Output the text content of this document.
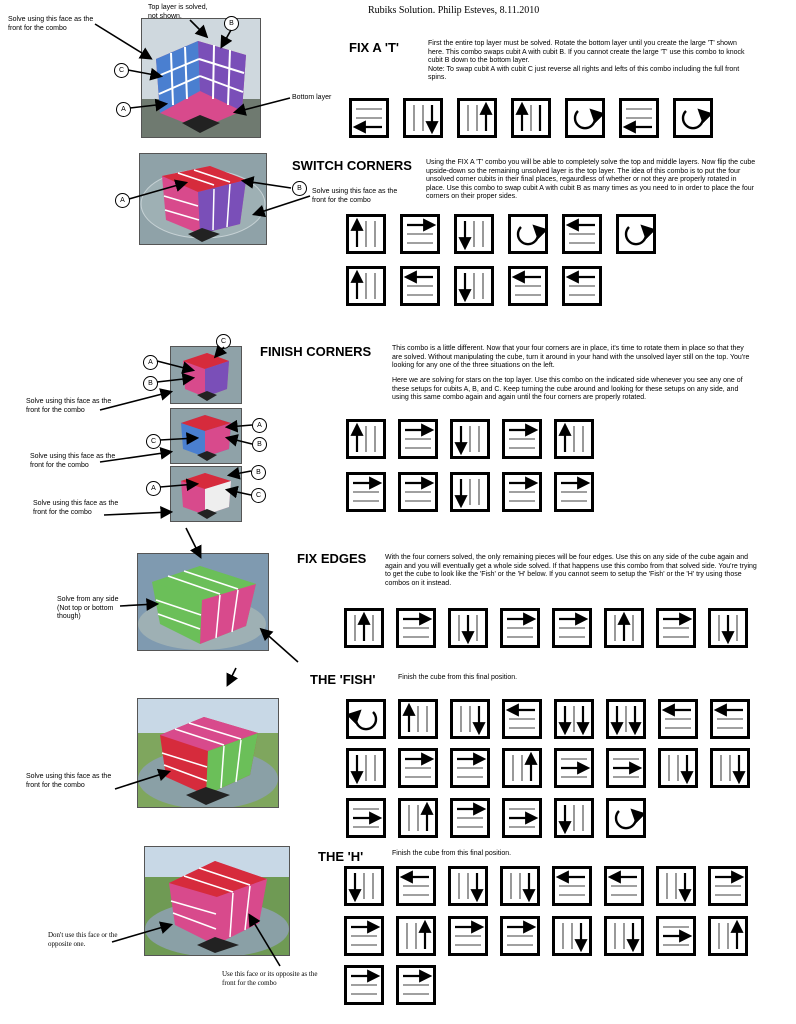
Rubiks Solution. Philip Esteves, 8.11.2010
Top layer is solved, not shown.
Solve using this face as the front for the combo
Bottom layer
B
C
A
FIX A 'T'	First the entire top layer must be solved. Rotate the bottom layer until you create the large 'T' shown here. This combo swaps cubit A with cubit B. If you cannot create the large 'T' use this combo to knock cubit B down to the bottom layer.
Note: To swap cubit A with cubit C just reverse all rights and lefts of this combo including the full front spins.
A
B	Solve using this face as the front for the combo
SWITCH CORNERS Using the FIX A 'T' combo you will be able to completely solve the top and middle layers. Now flip the cube upside-down so the remaining unsolved layer is the top layer. The idea of this combo is to put the four unsolved corner cubits in their final places, regaurdless of whether or not they are properly rotated in place. Use this combo to swap cubit A with cubit B as many times as you need to in order to place the four corners on their proper sides.
C
A
B
A
C	B
B
A
C
Solve using this face as the front for the combo
Solve using this face as the front for the combo
Solve using this face as the front for the combo
FINISH CORNERS	This combo is a little different. Now that your four corners are in place, it's time to rotate them in place so that they are solved. Without manipulating the cube, turn it around in your hand with the unsolved layer still on the top. You're looking for any one of the three situations on the left.
Here we are solving for stars on the top layer. Use this combo on the indicated side whenever you see any one of these setups for cubits A, B, and C. Keep turning the cube around and looking for these setups on any side, and using this same combo again and again until the four corners are properly rotated.
Solve from any side (Not top or bottom though)
FIX EDGES	With the four corners solved, the only remaining pieces will be four edges. Use this on any side of the cube again and again and you will eventually get a whole side solved. If that happens use this combo from that solved side. You're trying to get the cube to look like the 'Fish' or the 'H' below. If you cannot seem to setup the 'Fish' or the 'H' try using those combos on it instead.
Solve using this face as the front for the combo
THE 'FISH'	Finish the cube from this final position.
Don't use this face or the opposite one.
Use this face or its opposite as the front for the combo
THE 'H'	Finish the cube from this final position.
